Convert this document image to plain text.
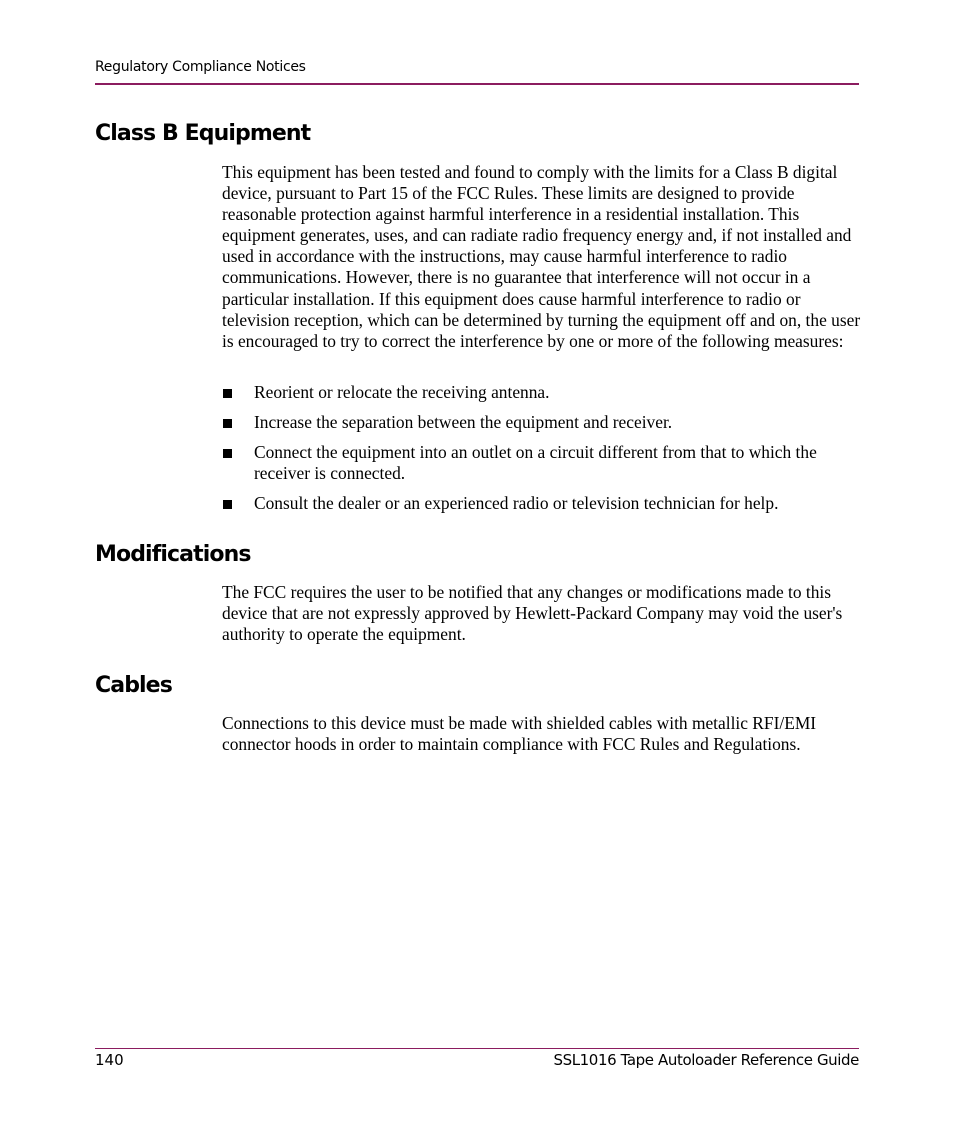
Regulatory Compliance Notices
Class B Equipment

This equipment has been tested and found to comply with the limits for a Class B digital device, pursuant to Part 15 of the FCC Rules. These limits are designed to provide reasonable protection against harmful interference in a residential installation. This equipment generates, uses, and can radiate radio frequency energy and, if not installed and used in accordance with the instructions, may cause harmful interference to radio communications. However, there is no guarantee that interference will not occur in a particular installation. If this equipment does cause harmful interference to radio or television reception, which can be determined by turning the equipment off and on, the user is encouraged to try to correct the interference by one or more of the following measures:

Reorient or relocate the receiving antenna.
Increase the separation between the equipment and receiver.
Connect the equipment into an outlet on a circuit different from that to which the receiver is connected.
Consult the dealer or an experienced radio or television technician for help.
Modifications

The FCC requires the user to be notified that any changes or modifications made to this device that are not expressly approved by Hewlett-Packard Company may void the user's authority to operate the equipment.

Cables

Connections to this device must be made with shielded cables with metallic RFI/EMI connector hoods in order to maintain compliance with FCC Rules and Regulations.

140	SSL1016 Tape Autoloader Reference Guide
